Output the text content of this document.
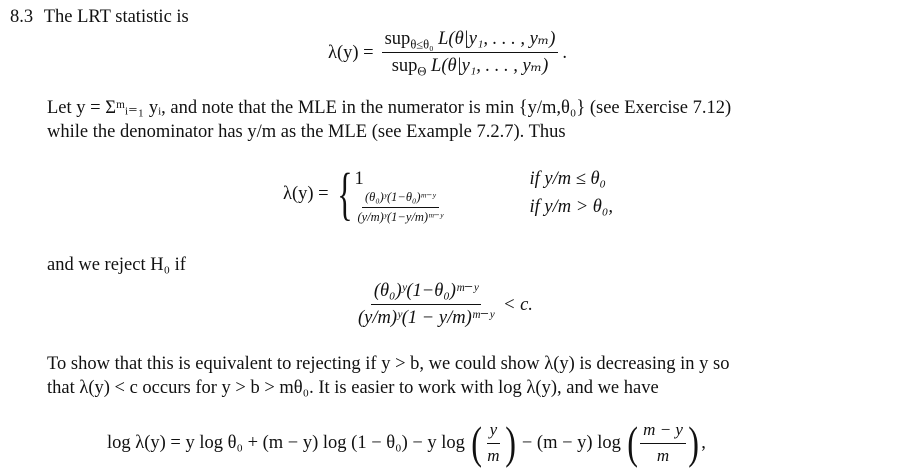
8.3 The LRT statistic is
$\lambda(y) = \frac{sup_{\theta\le\theta_0} L(\theta|y_1, . . . , y_m)}{sup_\Theta L(\theta|y_1, . . . , y_m)}$ .
Let y = Σᵐᵢ₌₁ yᵢ, and note that the MLE in the numerator is min {y/m,θ₀} (see Exercise 7.12)
while the denominator has y/m as the MLE (see Example 7.2.7). Thus
λ(y) = { 1	if y/m ≤ θ₀
$\frac{\text{(θ₀)ʸ(1−θ₀)ᵐ⁻ʸ}}{\text{(y/m)ʸ(1−y/m)ᵐ⁻ʸ}}$	if y/m > θ₀,
and we reject H₀ if
$\frac{\text{(θ₀)ʸ(1−θ₀)ᵐ⁻ʸ}}{\text{(y/m)ʸ(1 − y/m)ᵐ⁻ʸ}} < c$.
To show that this is equivalent to rejecting if y > b, we could show λ(y) is decreasing in y so
that λ(y) < c occurs for y > b > mθ₀. It is easier to work with log λ(y), and we have
log λ(y) = y log θ₀ + (m − y) log (1 − θ₀) − y log ( $\frac{y}{m}$ ) − (m − y) log ( $\frac{m - y}{m}$ ) ,
